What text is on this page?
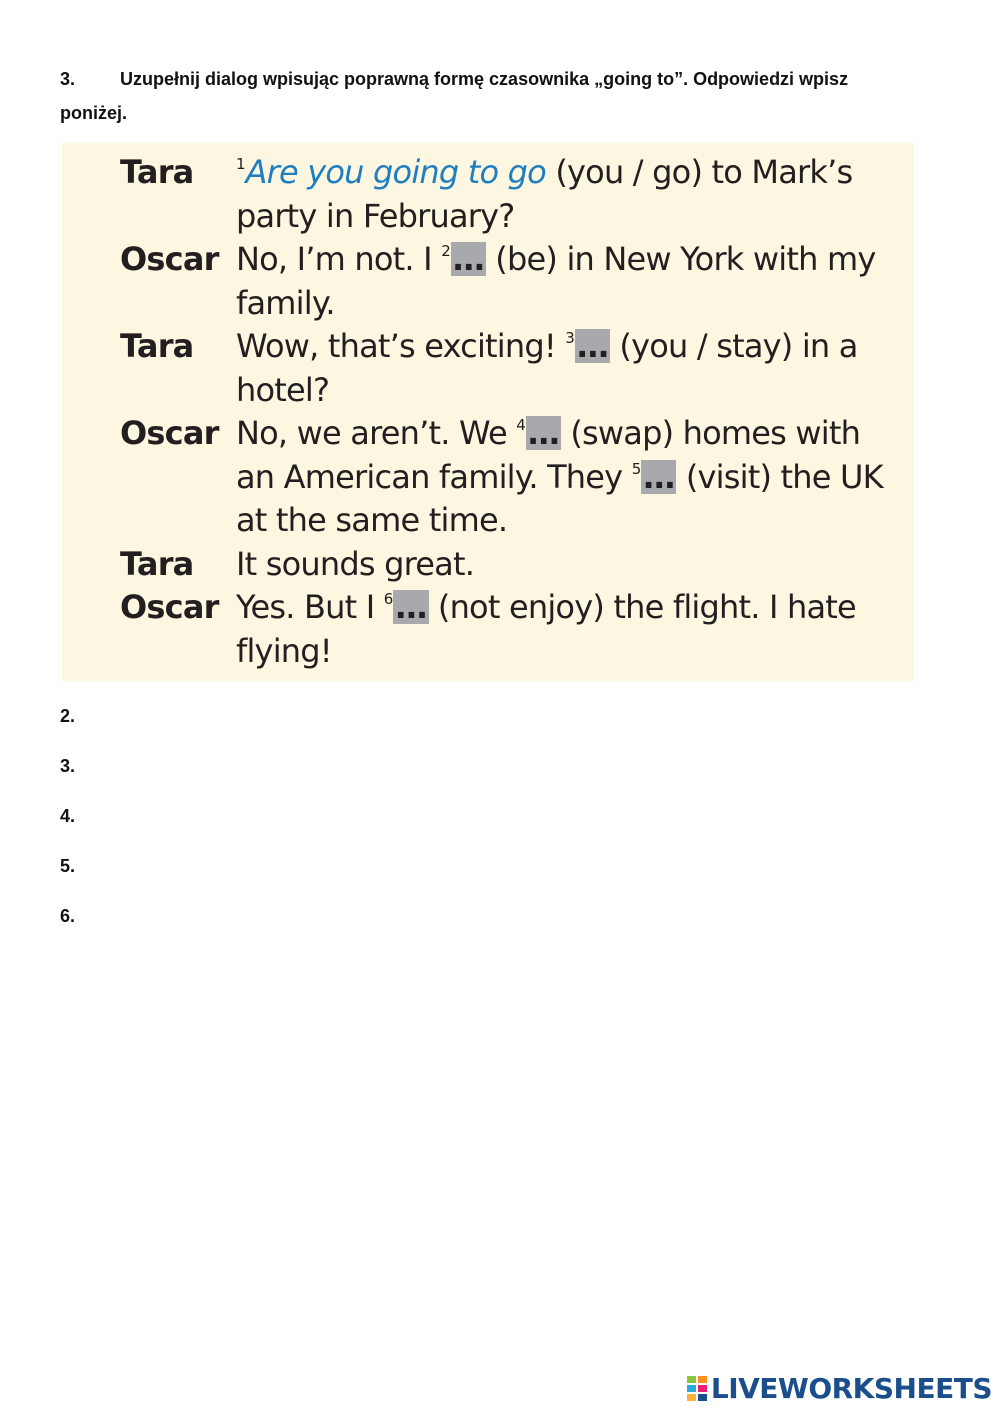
3. Uzupełnij dialog wpisując poprawną formę czasownika „going to”. Odpowiedzi wpisz poniżej.
Tara	$^1$Are you going to go (you / go) to Mark’s
party in February?
Oscar No, I’m not. I $^2$… (be) in New York with my
family.
Tara Wow, that’s exciting! $^3$… (you / stay) in a
hotel?
Oscar No, we aren’t. We $^4$… (swap) homes with
an American family. They $^5$… (visit) the UK
at the same time.
Tara It sounds great.
Oscar Yes. But I $^6$… (not enjoy) the flight. I hate
flying!
2.
3.
4.
5.
6.
LIVEWORKSHEETS
